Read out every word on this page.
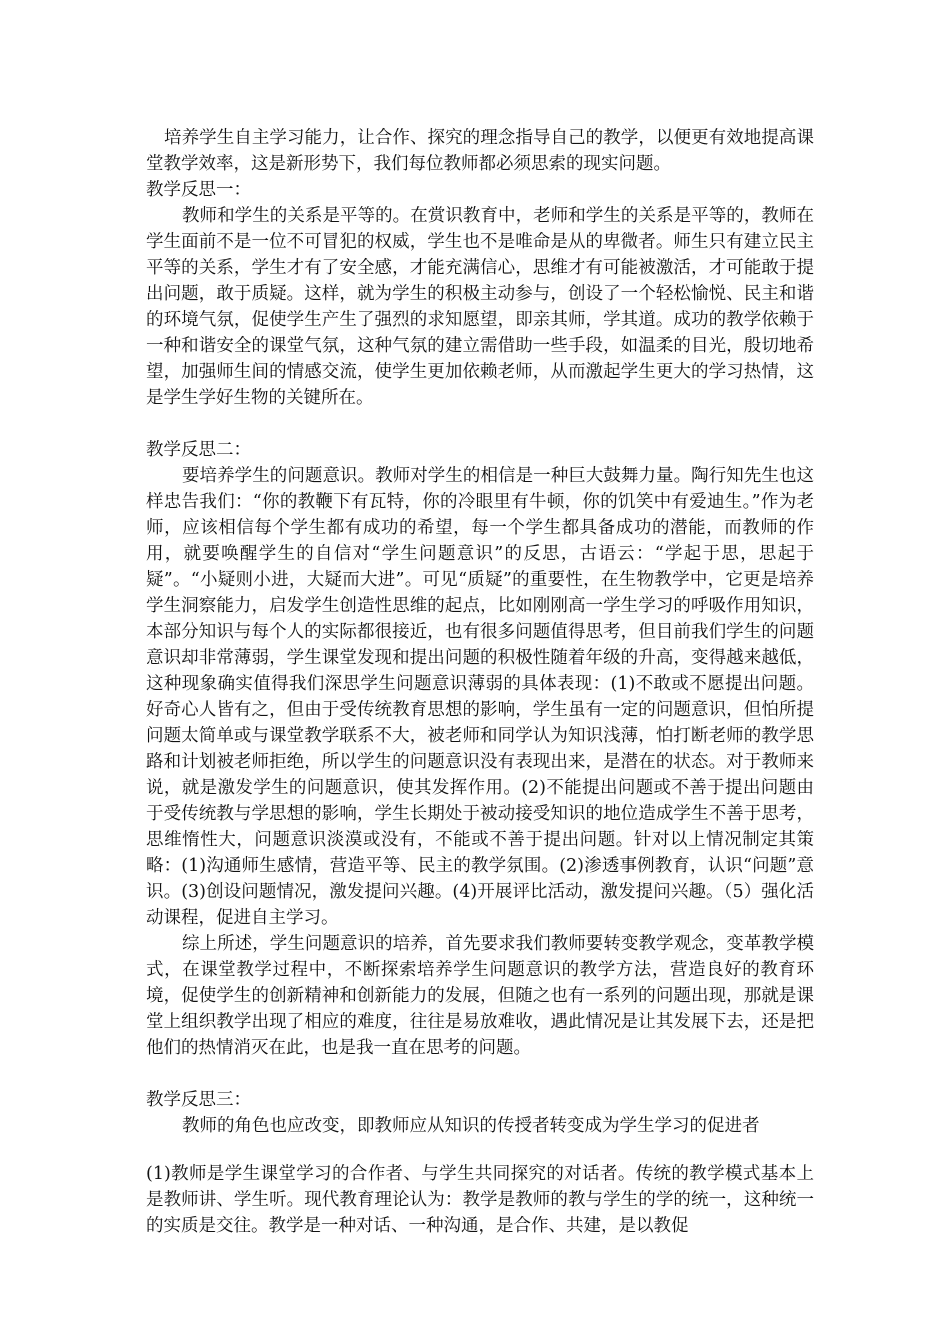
培养学生自主学习能力，让合作、探究的理念指导自己的教学，以便更有效地提高课堂教学效率，这是新形势下，我们每位教师都必须思索的现实问题。

教学反思一：

教师和学生的关系是平等的。在赏识教育中，老师和学生的关系是平等的，教师在学生面前不是一位不可冒犯的权威，学生也不是唯命是从的卑微者。师生只有建立民主平等的关系，学生才有了安全感，才能充满信心，思维才有可能被激活，才可能敢于提出问题，敢于质疑。这样，就为学生的积极主动参与，创设了一个轻松愉悦、民主和谐的环境气氛，促使学生产生了强烈的求知愿望，即亲其师，学其道。成功的教学依赖于一种和谐安全的课堂气氛，这种气氛的建立需借助一些手段，如温柔的目光，殷切地希望，加强师生间的情感交流，使学生更加依赖老师，从而激起学生更大的学习热情，这是学生学好生物的关键所在。

教学反思二：

要培养学生的问题意识。教师对学生的相信是一种巨大鼓舞力量。陶行知先生也这样忠告我们：“你的教鞭下有瓦特，你的冷眼里有牛顿，你的饥笑中有爱迪生。”作为老师，应该相信每个学生都有成功的希望，每一个学生都具备成功的潜能，而教师的作用，就要唤醒学生的自信对“学生问题意识”的反思，古语云：“学起于思，思起于疑”。“小疑则小进，大疑而大进”。可见“质疑”的重要性，在生物教学中，它更是培养学生洞察能力，启发学生创造性思维的起点，比如刚刚高一学生学习的呼吸作用知识，本部分知识与每个人的实际都很接近，也有很多问题值得思考，但目前我们学生的问题意识却非常薄弱，学生课堂发现和提出问题的积极性随着年级的升高，变得越来越低，这种现象确实值得我们深思学生问题意识薄弱的具体表现：(1)不敢或不愿提出问题。好奇心人皆有之，但由于受传统教育思想的影响，学生虽有一定的问题意识，但怕所提问题太简单或与课堂教学联系不大，被老师和同学认为知识浅薄，怕打断老师的教学思路和计划被老师拒绝，所以学生的问题意识没有表现出来，是潜在的状态。对于教师来说，就是激发学生的问题意识，使其发挥作用。(2)不能提出问题或不善于提出问题由于受传统教与学思想的影响，学生长期处于被动接受知识的地位造成学生不善于思考，思维惰性大，问题意识淡漠或没有，不能或不善于提出问题。针对以上情况制定其策略：(1)沟通师生感情，营造平等、民主的教学氛围。(2)渗透事例教育，认识“问题”意识。(3)创设问题情况，激发提问兴趣。(4)开展评比活动，激发提问兴趣。（5）强化活动课程，促进自主学习。

综上所述，学生问题意识的培养，首先要求我们教师要转变教学观念，变革教学模式，在课堂教学过程中，不断探索培养学生问题意识的教学方法，营造良好的教育环境，促使学生的创新精神和创新能力的发展，但随之也有一系列的问题出现，那就是课堂上组织教学出现了相应的难度，往往是易放难收，遇此情况是让其发展下去，还是把他们的热情消灭在此，也是我一直在思考的问题。

教学反思三：

教师的角色也应改变，即教师应从知识的传授者转变成为学生学习的促进者

(1)教师是学生课堂学习的合作者、与学生共同探究的对话者。传统的教学模式基本上是教师讲、学生听。现代教育理论认为：教学是教师的教与学生的学的统一，这种统一的实质是交往。教学是一种对话、一种沟通，是合作、共建，是以教促
